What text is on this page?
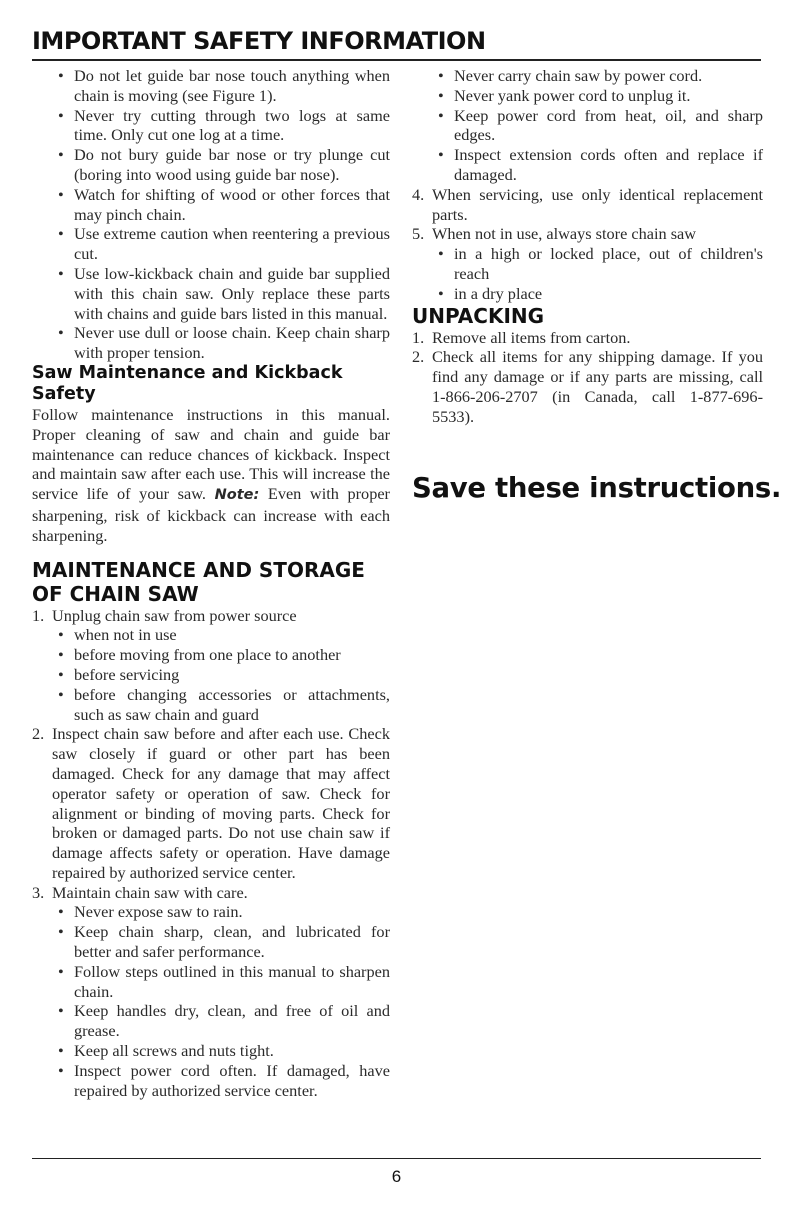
IMPORTANT SAFETY INFORMATION
• Do not let guide bar nose touch anything when chain is moving (see Figure 1).
• Never try cutting through two logs at same time. Only cut one log at a time.
• Do not bury guide bar nose or try plunge cut (boring into wood using guide bar nose).
• Watch for shifting of wood or other forces that may pinch chain.
• Use extreme caution when reentering a previous cut.
• Use low-kickback chain and guide bar supplied with this chain saw. Only replace these parts with chains and guide bars listed in this manual.
• Never use dull or loose chain. Keep chain sharp with proper tension.
Saw Maintenance and Kickback Safety

Follow maintenance instructions in this manual. Proper cleaning of saw and chain and guide bar maintenance can reduce chances of kickback. Inspect and maintain saw after each use. This will increase the service life of your saw. Note: Even with proper sharpening, risk of kickback can increase with each sharpening.

MAINTENANCE AND STORAGE OF CHAIN SAW
1. Unplug chain saw from power source
• when not in use
• before moving from one place to another
• before servicing
• before changing accessories or attachments, such as saw chain and guard
2. Inspect chain saw before and after each use. Check saw closely if guard or other part has been damaged. Check for any damage that may affect operator safety or operation of saw. Check for alignment or binding of moving parts. Check for broken or damaged parts. Do not use chain saw if damage affects safety or operation. Have damage repaired by authorized service center.
3. Maintain chain saw with care.
• Never expose saw to rain.
• Keep chain sharp, clean, and lubricated for better and safer performance.
• Follow steps outlined in this manual to sharpen chain.
• Keep handles dry, clean, and free of oil and grease.
• Keep all screws and nuts tight.
• Inspect power cord often. If damaged, have repaired by authorized service center.
• Never carry chain saw by power cord.
• Never yank power cord to unplug it.
• Keep power cord from heat, oil, and sharp edges.
• Inspect extension cords often and replace if damaged.
4. When servicing, use only identical replacement parts.
5. When not in use, always store chain saw
• in a high or locked place, out of children's reach
• in a dry place
UNPACKING
1. Remove all items from carton.
2. Check all items for any shipping damage. If you find any damage or if any parts are missing, call 1-866-206-2707 (in Canada, call 1-877-696-5533).
Save these instructions.
6
